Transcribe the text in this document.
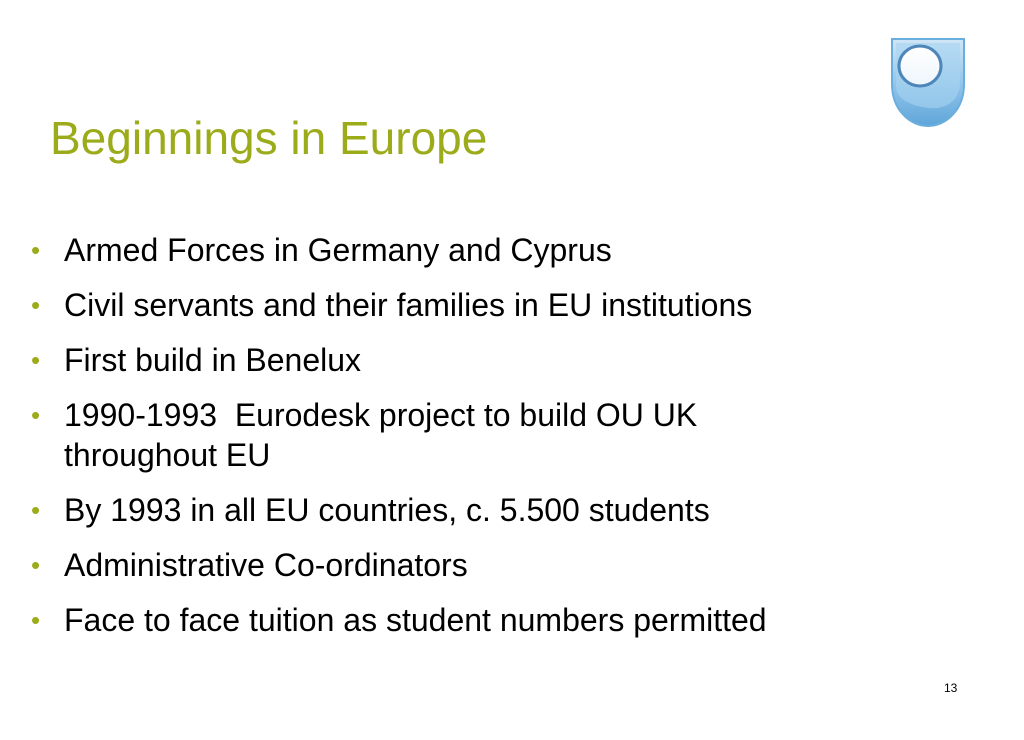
Beginnings in Europe
• Armed Forces in Germany and Cyprus
• Civil servants and their families in EU institutions
• First build in Benelux
• 1990-1993  Eurodesk project to build OU UK
throughout EU
• By 1993 in all EU countries, c. 5.500 students
• Administrative Co-ordinators
• Face to face tuition as student numbers permitted
13
